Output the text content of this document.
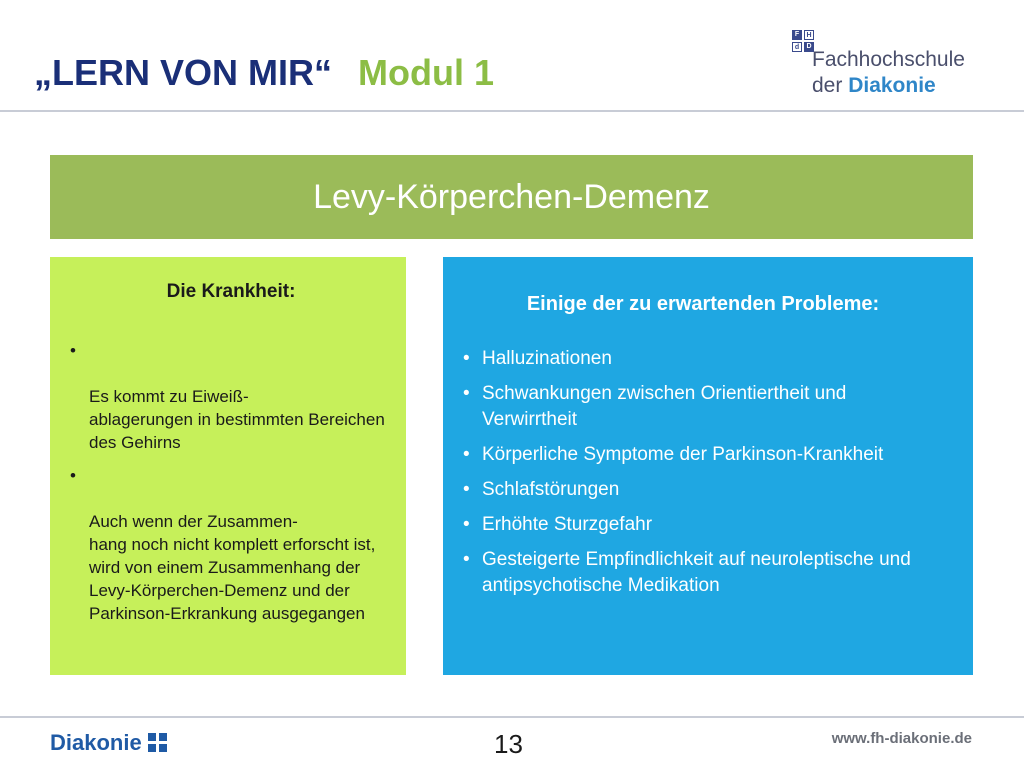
„LERN VON MIR“ Modul 1
F	H
d	D
Fachhochschule
der Diakonie
Levy-Körperchen-Demenz
Die Krankheit:

•

Es kommt zu Eiweiß-
ablagerungen in bestimmten Bereichen
des Gehirns

•

Auch wenn der Zusammen-
hang noch nicht komplett erforscht ist, wird von einem Zusammenhang der Levy-Körperchen-Demenz und der Parkinson-Erkrankung ausgegangen

Einige der zu erwartenden Probleme:
• Halluzinationen
• Schwankungen zwischen Orientiertheit und Verwirrtheit
• Körperliche Symptome der Parkinson-Krankheit
• Schlafstörungen
• Erhöhte Sturzgefahr
• Gesteigerte Empfindlichkeit auf neuroleptische und antipsychotische Medikation
Diakonie	13	www.fh-diakonie.de
